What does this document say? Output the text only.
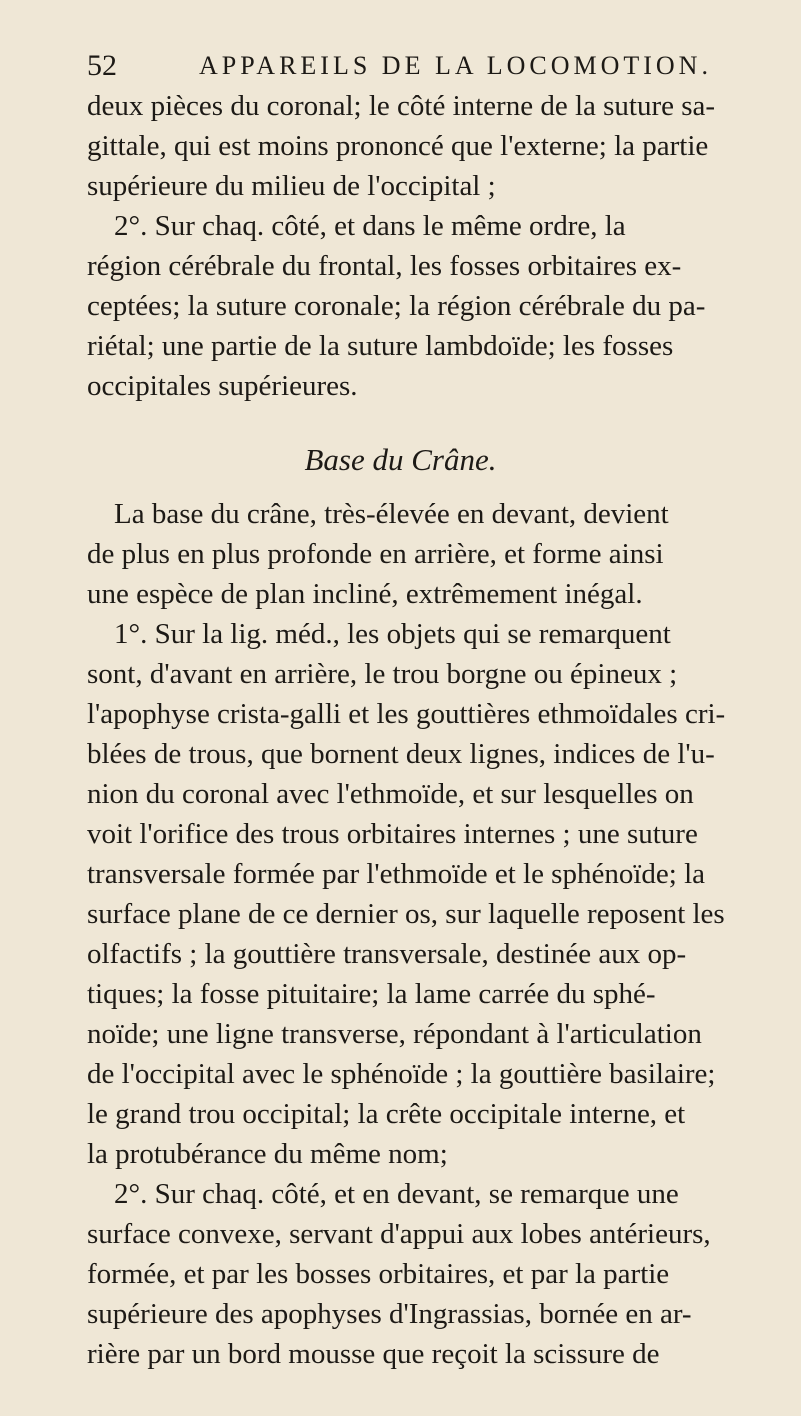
52	APPAREILS DE LA LOCOMOTION.
deux pièces du coronal; le côté interne de la suture sa-
gittale, qui est moins prononcé que l'externe; la partie
supérieure du milieu de l'occipital ;
2°. Sur chaq. côté, et dans le même ordre, la
région cérébrale du frontal, les fosses orbitaires ex-
ceptées; la suture coronale; la région cérébrale du pa-
riétal; une partie de la suture lambdoïde; les fosses
occipitales supérieures.
Base du Crâne.
La base du crâne, très-élevée en devant, devient
de plus en plus profonde en arrière, et forme ainsi
une espèce de plan incliné, extrêmement inégal.
1°. Sur la lig. méd., les objets qui se remarquent
sont, d'avant en arrière, le trou borgne ou épineux ;
l'apophyse crista-galli et les gouttières ethmoïdales cri-
blées de trous, que bornent deux lignes, indices de l'u-
nion du coronal avec l'ethmoïde, et sur lesquelles on
voit l'orifice des trous orbitaires internes ; une suture
transversale formée par l'ethmoïde et le sphénoïde; la
surface plane de ce dernier os, sur laquelle reposent les
olfactifs ; la gouttière transversale, destinée aux op-
tiques; la fosse pituitaire; la lame carrée du sphé-
noïde; une ligne transverse, répondant à l'articulation
de l'occipital avec le sphénoïde ; la gouttière basilaire;
le grand trou occipital; la crête occipitale interne, et
la protubérance du même nom;
2°. Sur chaq. côté, et en devant, se remarque une
surface convexe, servant d'appui aux lobes antérieurs,
formée, et par les bosses orbitaires, et par la partie
supérieure des apophyses d'Ingrassias, bornée en ar-
rière par un bord mousse que reçoit la scissure de
